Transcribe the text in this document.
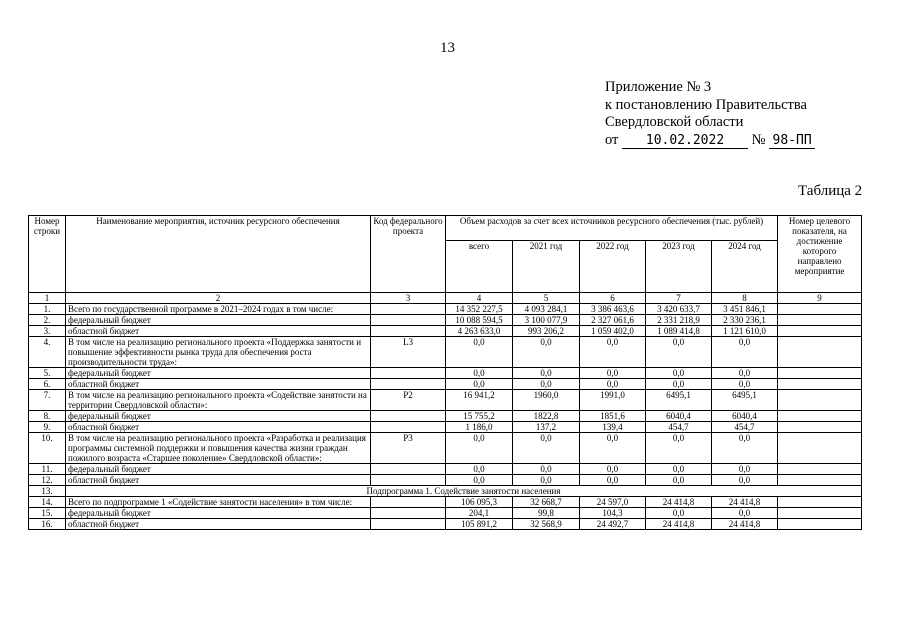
13
Приложение № 3
к постановлению Правительства
Свердловской области
от 10.02.2022 № 98-ПП
Таблица 2
Номер строки	Наименование мероприятия, источник ресурсного обеспечения	Код федерального проекта	Объем расходов за счет всех источников ресурсного обеспечения (тыс. рублей)					Номер целевого показателя, на достижение которого направлено мероприятие
			всего	2021 год	2022 год	2023 год	2024 год	
1	2	3	4	5	6	7	8	9
1.	Всего по государственной программе в 2021–2024 годах в том числе:		14 352 227,5	4 093 284,1	3 386 463,6	3 420 633,7	3 451 846,1	
2.	федеральный бюджет		10 088 594,5	3 100 077,9	2 327 061,6	2 331 218,9	2 330 236,1	
3.	областной бюджет		4 263 633,0	993 206,2	1 059 402,0	1 089 414,8	1 121 610,0	
4.	В том числе на реализацию регионального проекта «Поддержка занятости и повышение эффективности рынка труда для обеспечения роста производительности труда»:	L3	0,0	0,0	0,0	0,0	0,0	
5.	федеральный бюджет		0,0	0,0	0,0	0,0	0,0	
6.	областной бюджет		0,0	0,0	0,0	0,0	0,0	
7.	В том числе на реализацию регионального проекта «Содействие занятости на территории Свердловской области»:	P2	16 941,2	1960,0	1991,0	6495,1	6495,1	
8.	федеральный бюджет		15 755,2	1822,8	1851,6	6040,4	6040,4	
9.	областной бюджет		1 186,0	137,2	139,4	454,7	454,7	
10.	В том числе на реализацию регионального проекта «Разработка и реализация программы системной поддержки и повышения качества жизни граждан пожилого возраста «Старшее поколение» Свердловской области»:	P3	0,0	0,0	0,0	0,0	0,0	
11.	федеральный бюджет		0,0	0,0	0,0	0,0	0,0	
12.	областной бюджет		0,0	0,0	0,0	0,0	0,0	
13.	Подпрограмма 1. Содействие занятости населения							
14.	Всего по подпрограмме 1 «Содействие занятости населения» в том числе:		106 095,3	32 668,7	24 597,0	24 414,8	24 414,8	
15.	федеральный бюджет		204,1	99,8	104,3	0,0	0,0	
16.	областной бюджет		105 891,2	32 568,9	24 492,7	24 414,8	24 414,8	
